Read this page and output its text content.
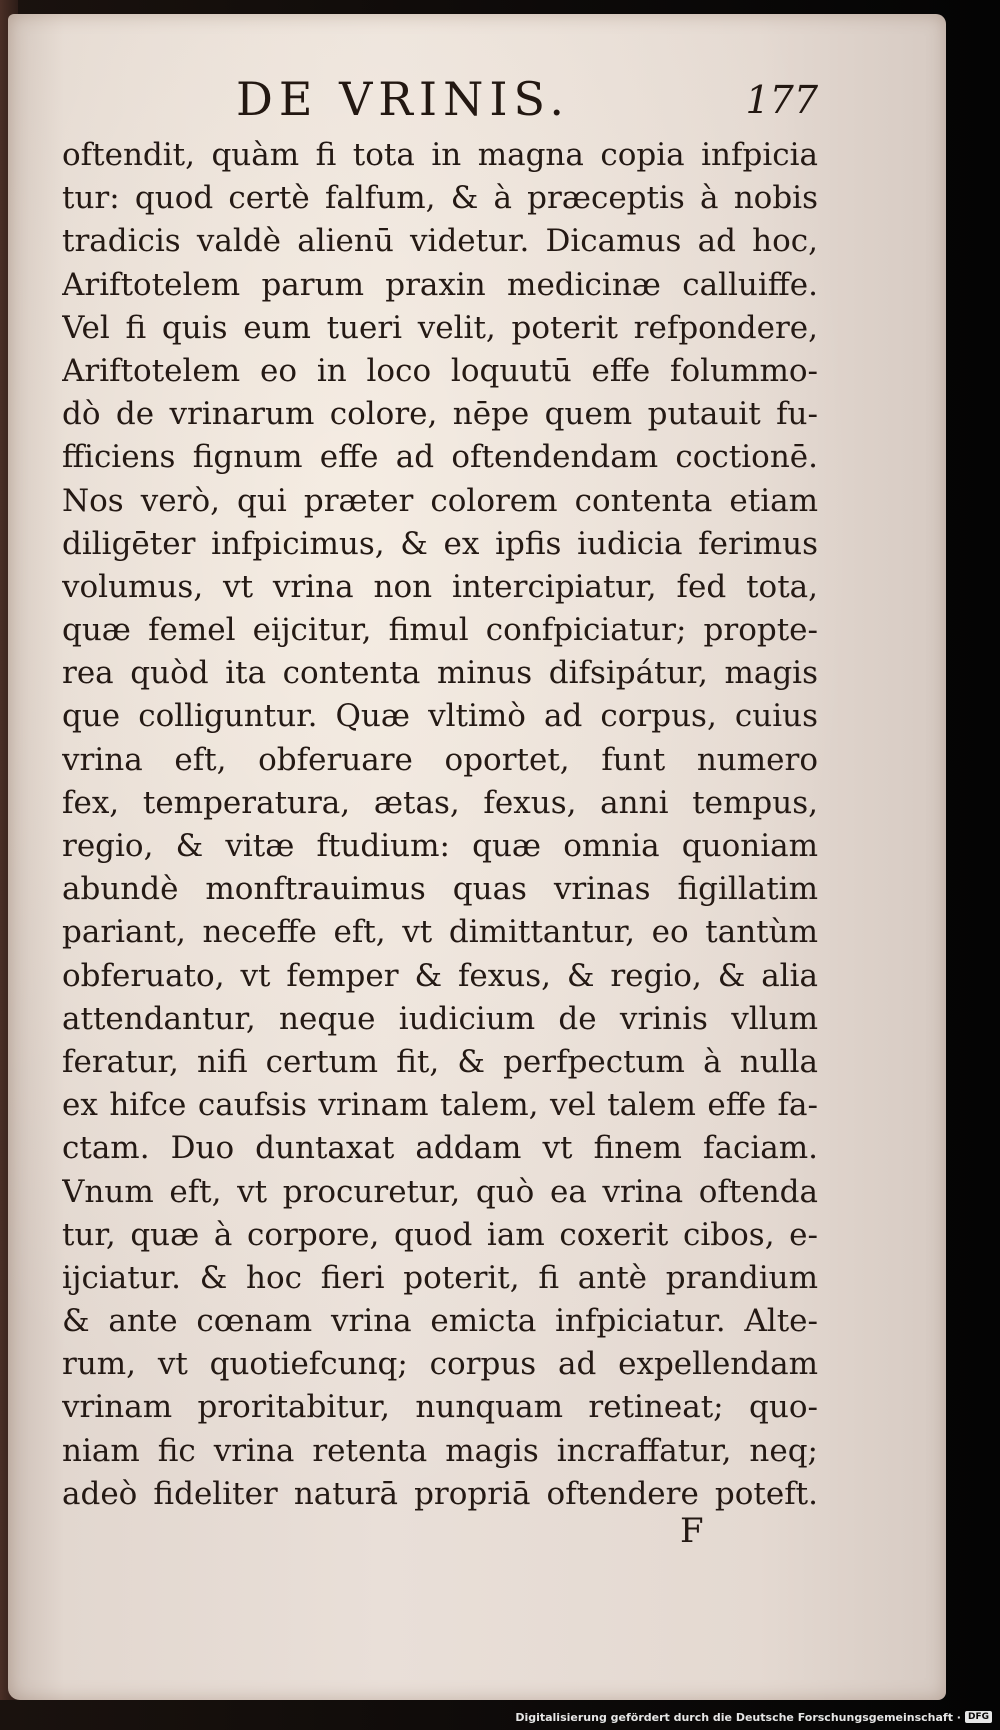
DE VRINIS.	177
oftendit, quàm fi tota in magna copia infpicia
tur: quod certè falfum, & à præceptis à nobis
tradicis valdè alienū videtur. Dicamus ad hoc,
Ariftotelem parum praxin medicinæ calluiffe.
Vel fi quis eum tueri velit, poterit refpondere,
Ariftotelem eo in loco loquutū effe folummo-
dò de vrinarum colore, nēpe quem putauit fu-
fficiens fignum effe ad oftendendam coctionē.
Nos verò, qui præter colorem contenta etiam
diligēter infpicimus, & ex ipfis iudicia ferimus
volumus, vt vrina non intercipiatur, fed tota,
quæ femel eijcitur, fimul confpiciatur; propte-
rea quòd ita contenta minus difsipátur, magis
que colliguntur. Quæ vltimò ad corpus, cuius
vrina eft, obferuare oportet, funt numero
fex, temperatura, ætas, fexus, anni tempus,
regio, & vitæ ftudium: quæ omnia quoniam
abundè monftrauimus quas vrinas figillatim
pariant, neceffe eft, vt dimittantur, eo tantùm
obferuato, vt femper & fexus, & regio, & alia
attendantur, neque iudicium de vrinis vllum
feratur, nifi certum fit, & perfpectum à nulla
ex hifce caufsis vrinam talem, vel talem effe fa-
ctam. Duo duntaxat addam vt finem faciam.
Vnum eft, vt procuretur, quò ea vrina oftenda
tur, quæ à corpore, quod iam coxerit cibos, e-
ijciatur. & hoc fieri poterit, fi antè prandium
& ante cœnam vrina emicta infpiciatur. Alte-
rum, vt quotiefcunq; corpus ad expellendam
vrinam proritabitur, nunquam retineat; quo-
niam fic vrina retenta magis incraffatur, neq;
adeò fideliter naturā propriā oftendere poteft.
F
Digitalisierung gefördert durch die Deutsche Forschungsgemeinschaft · DFG
